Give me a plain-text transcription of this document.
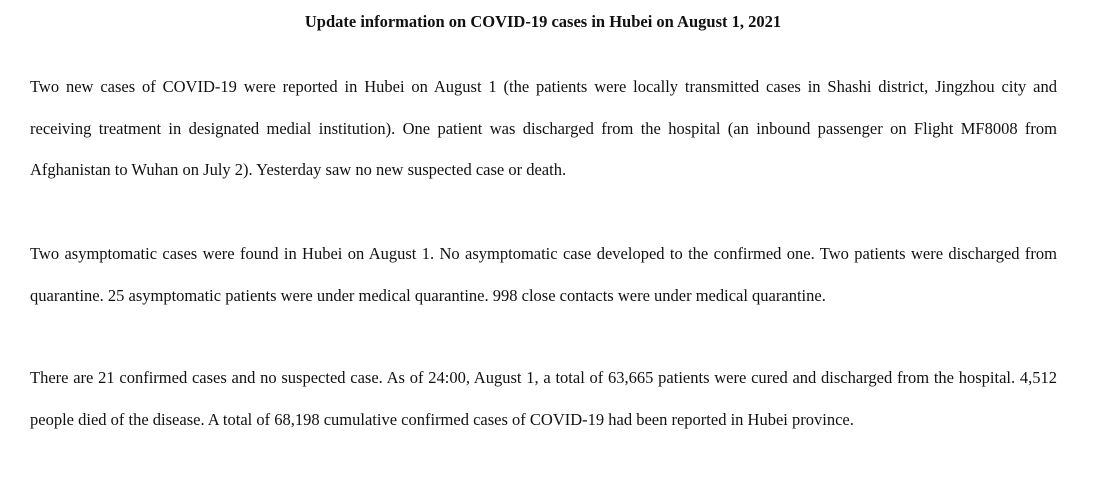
Update information on COVID-19 cases in Hubei on August 1, 2021

Two new cases of COVID-19 were reported in Hubei on August 1 (the patients were locally transmitted cases in Shashi district, Jingzhou city and receiving treatment in designated medial institution). One patient was discharged from the hospital (an inbound passenger on Flight MF8008 from Afghanistan to Wuhan on July 2). Yesterday saw no new suspected case or death.

Two asymptomatic cases were found in Hubei on August 1. No asymptomatic case developed to the confirmed one. Two patients were discharged from quarantine. 25 asymptomatic patients were under medical quarantine. 998 close contacts were under medical quarantine.

There are 21 confirmed cases and no suspected case. As of 24:00, August 1, a total of 63,665 patients were cured and discharged from the hospital. 4,512 people died of the disease. A total of 68,198 cumulative confirmed cases of COVID-19 had been reported in Hubei province.
